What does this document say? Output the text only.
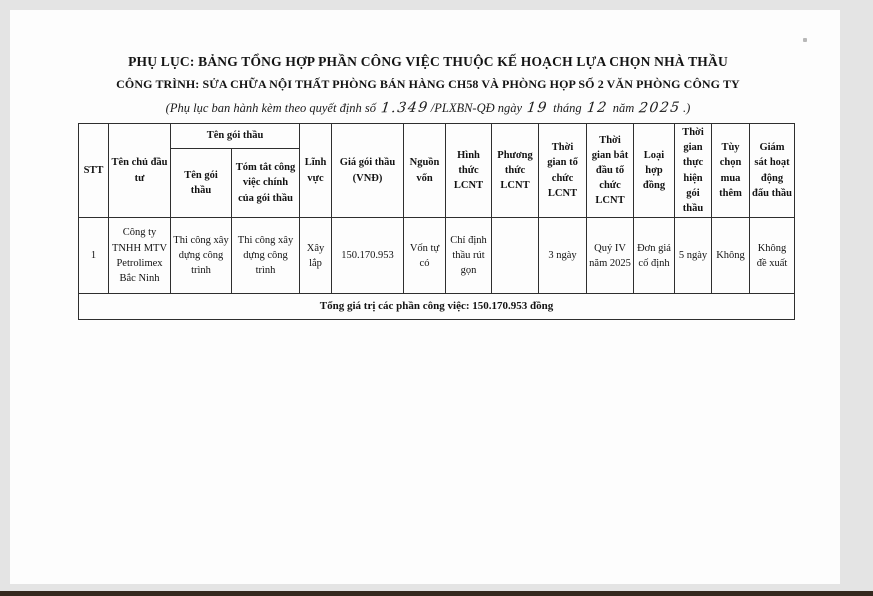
PHỤ LỤC: BẢNG TỔNG HỢP PHẦN CÔNG VIỆC THUỘC KẾ HOẠCH LỰA CHỌN NHÀ THẦU
CÔNG TRÌNH: SỬA CHỮA NỘI THẤT PHÒNG BÁN HÀNG CH58 VÀ PHÒNG HỌP SỐ 2 VĂN PHÒNG CÔNG TY
(Phụ lục ban hành kèm theo quyết định số 1.349/PLXBN-QĐ ngày 19 tháng 12 năm 2025.)
STT	Tên chủ đầu tư	Tên gói thầu		Lĩnh vực	Giá gói thầu (VNĐ)	Nguồn vốn	Hình thức LCNT	Phương thức LCNT	Thời gian tổ chức LCNT	Thời gian bắt đầu tổ chức LCNT	Loại hợp đồng	Thời gian thực hiện gói thầu	Tùy chọn mua thêm	Giám sát hoạt động đấu thầu
		Tên gói thầu	Tóm tắt công việc chính của gói thầu											
1	Công ty TNHH MTV Petrolimex Bắc Ninh	Thi công xây dựng công trình	Thi công xây dựng công trình	Xây lắp	150.170.953	Vốn tự có	Chỉ định thầu rút gọn		3 ngày	Quý IV năm 2025	Đơn giá cố định	5 ngày	Không	Không đề xuất
Tổng giá trị các phần công việc: 150.170.953 đồng														
